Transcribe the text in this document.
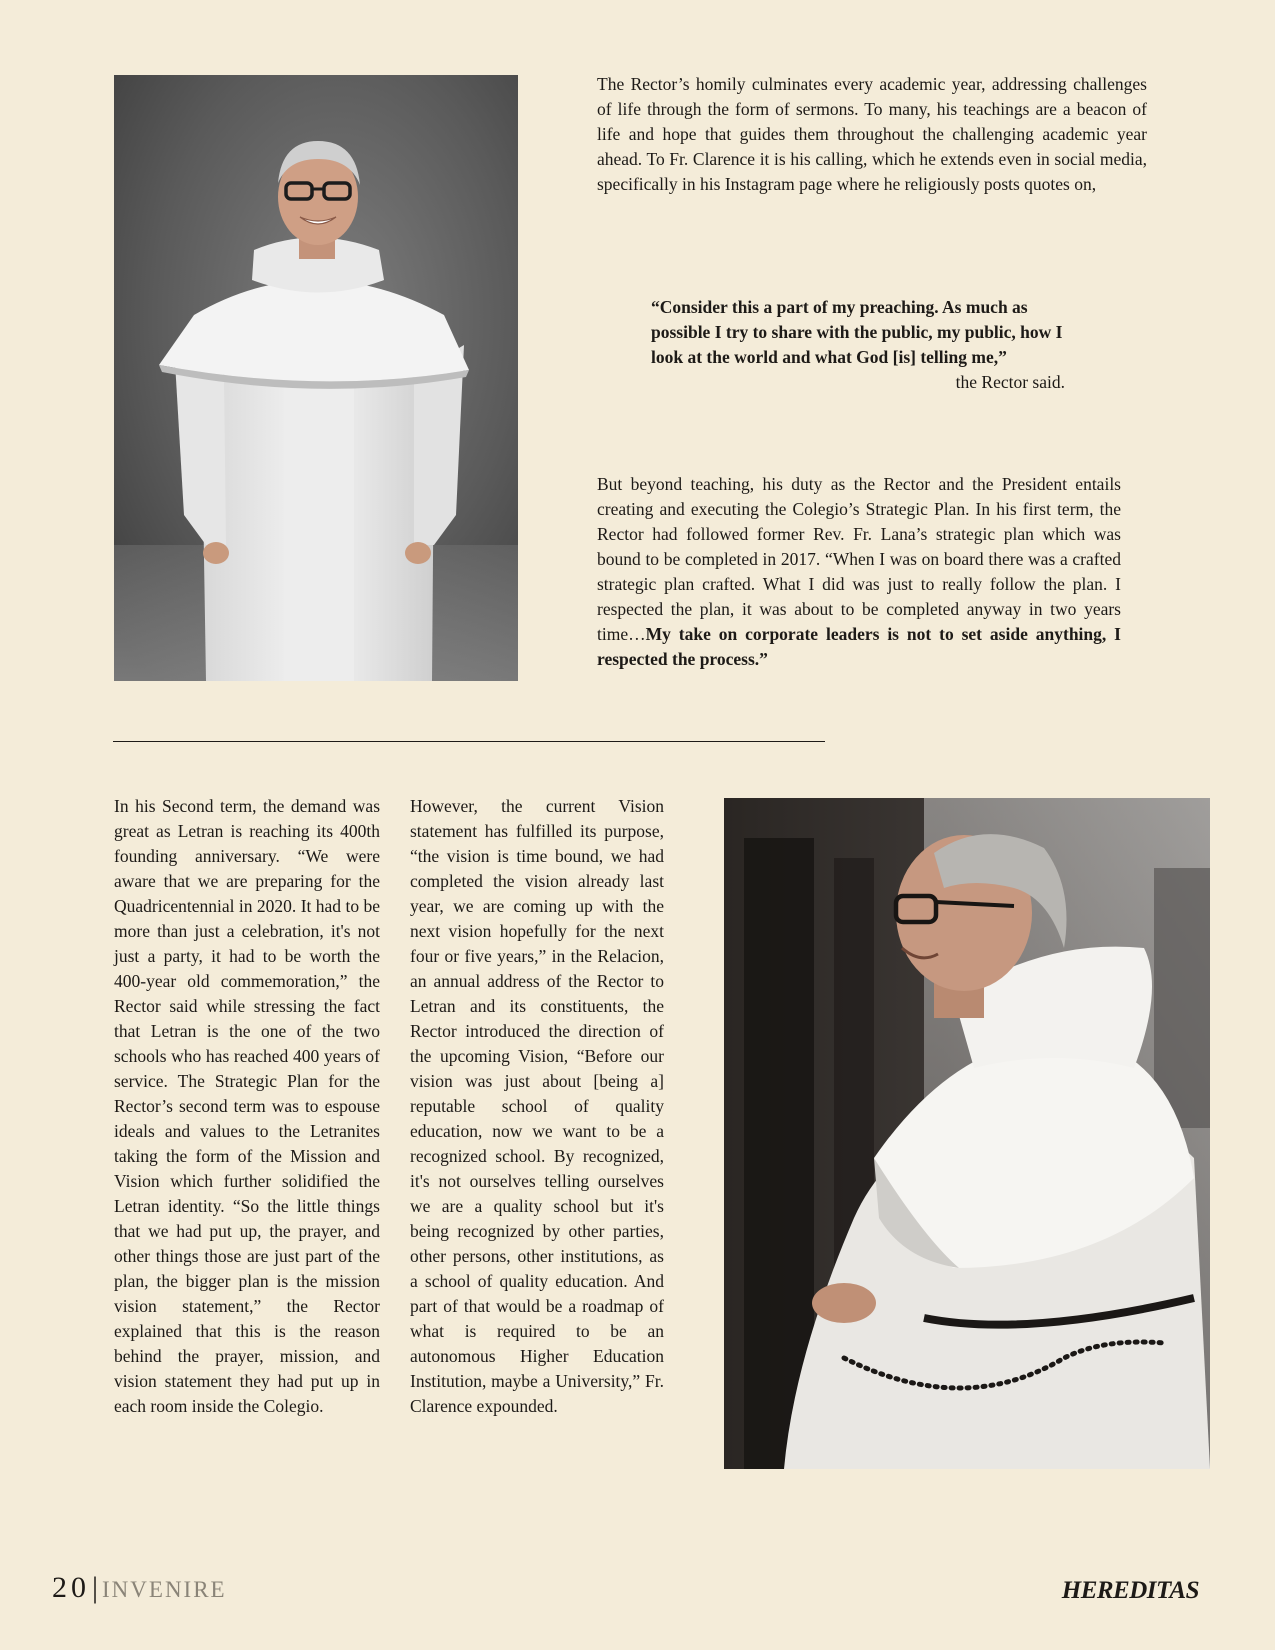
The Rector’s homily culminates every academic year, addressing challenges of life through the form of sermons. To many, his teachings are a beacon of life and hope that guides them throughout the challenging academic year ahead. To Fr. Clarence it is his calling, which he extends even in social media, specifically in his Instagram page where he religiously posts quotes on,

“Consider this a part of my preaching. As much as possible I try to share with the public, my public, how I look at the world and what God [is] telling me,”

the Rector said.

But beyond teaching, his duty as the Rector and the President entails creating and executing the Colegio’s Strategic Plan. In his first term, the Rector had followed former Rev. Fr. Lana’s strategic plan which was bound to be completed in 2017. “When I was on board there was a crafted strategic plan crafted. What I did was just to really follow the plan. I respected the plan, it was about to be completed anyway in two years time…My take on corporate leaders is not to set aside anything, I respected the process.”

In his Second term, the demand was great as Letran is reaching its 400th founding anniversary. “We were aware that we are preparing for the Quadricentennial in 2020. It had to be more than just a celebration, it's not just a party, it had to be worth the 400-year old commemoration,” the Rector said while stressing the fact that Letran is the one of the two schools who has reached 400 years of service. The Strategic Plan for the Rector’s second term was to espouse ideals and values to the Letranites taking the form of the Mission and Vision which further solidified the Letran identity. “So the little things that we had put up, the prayer, and other things those are just part of the plan, the bigger plan is the mission vision statement,” the Rector explained that this is the reason behind the prayer, mission, and vision statement they had put up in each room inside the Colegio.

However, the current Vision statement has fulfilled its purpose, “the vision is time bound, we had completed the vision already last year, we are coming up with the next vision hopefully for the next four or five years,” in the Relacion, an annual address of the Rector to Letran and its constituents, the Rector introduced the direction of the upcoming Vision, “Before our vision was just about [being a] reputable school of quality education, now we want to be a recognized school. By recognized, it's not ourselves telling ourselves we are a quality school but it's being recognized by other parties, other persons, other institutions, as a school of quality education. And part of that would be a roadmap of what is required to be an autonomous Higher Education Institution, maybe a University,” Fr. Clarence expounded.

20 | INVENIRE	HEREDITAS
